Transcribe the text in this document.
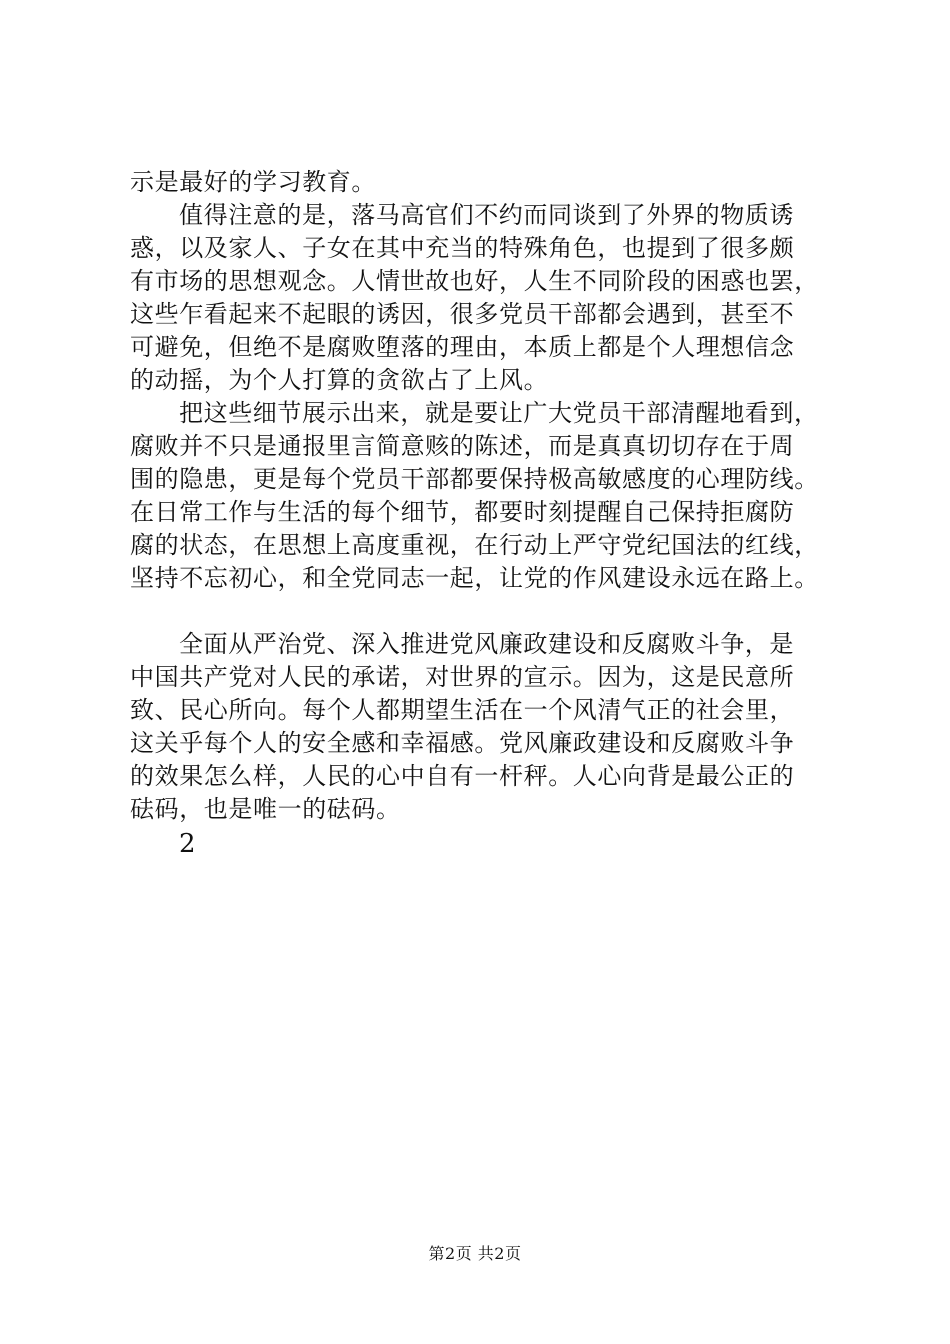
示是最好的学习教育。
值得注意的是，落马高官们不约而同谈到了外界的物质诱
惑，以及家人、子女在其中充当的特殊角色，也提到了很多颇
有市场的思想观念。人情世故也好，人生不同阶段的困惑也罢，
这些乍看起来不起眼的诱因，很多党员干部都会遇到，甚至不
可避免，但绝不是腐败堕落的理由，本质上都是个人理想信念
的动摇，为个人打算的贪欲占了上风。
把这些细节展示出来，就是要让广大党员干部清醒地看到，
腐败并不只是通报里言简意赅的陈述，而是真真切切存在于周
围的隐患，更是每个党员干部都要保持极高敏感度的心理防线。
在日常工作与生活的每个细节，都要时刻提醒自己保持拒腐防
腐的状态，在思想上高度重视，在行动上严守党纪国法的红线，
坚持不忘初心，和全党同志一起，让党的作风建设永远在路上。
全面从严治党、深入推进党风廉政建设和反腐败斗争，是
中国共产党对人民的承诺，对世界的宣示。因为，这是民意所
致、民心所向。每个人都期望生活在一个风清气正的社会里，
这关乎每个人的安全感和幸福感。党风廉政建设和反腐败斗争
的效果怎么样，人民的心中自有一杆秤。人心向背是最公正的
砝码，也是唯一的砝码。
2
第2页 共2页
